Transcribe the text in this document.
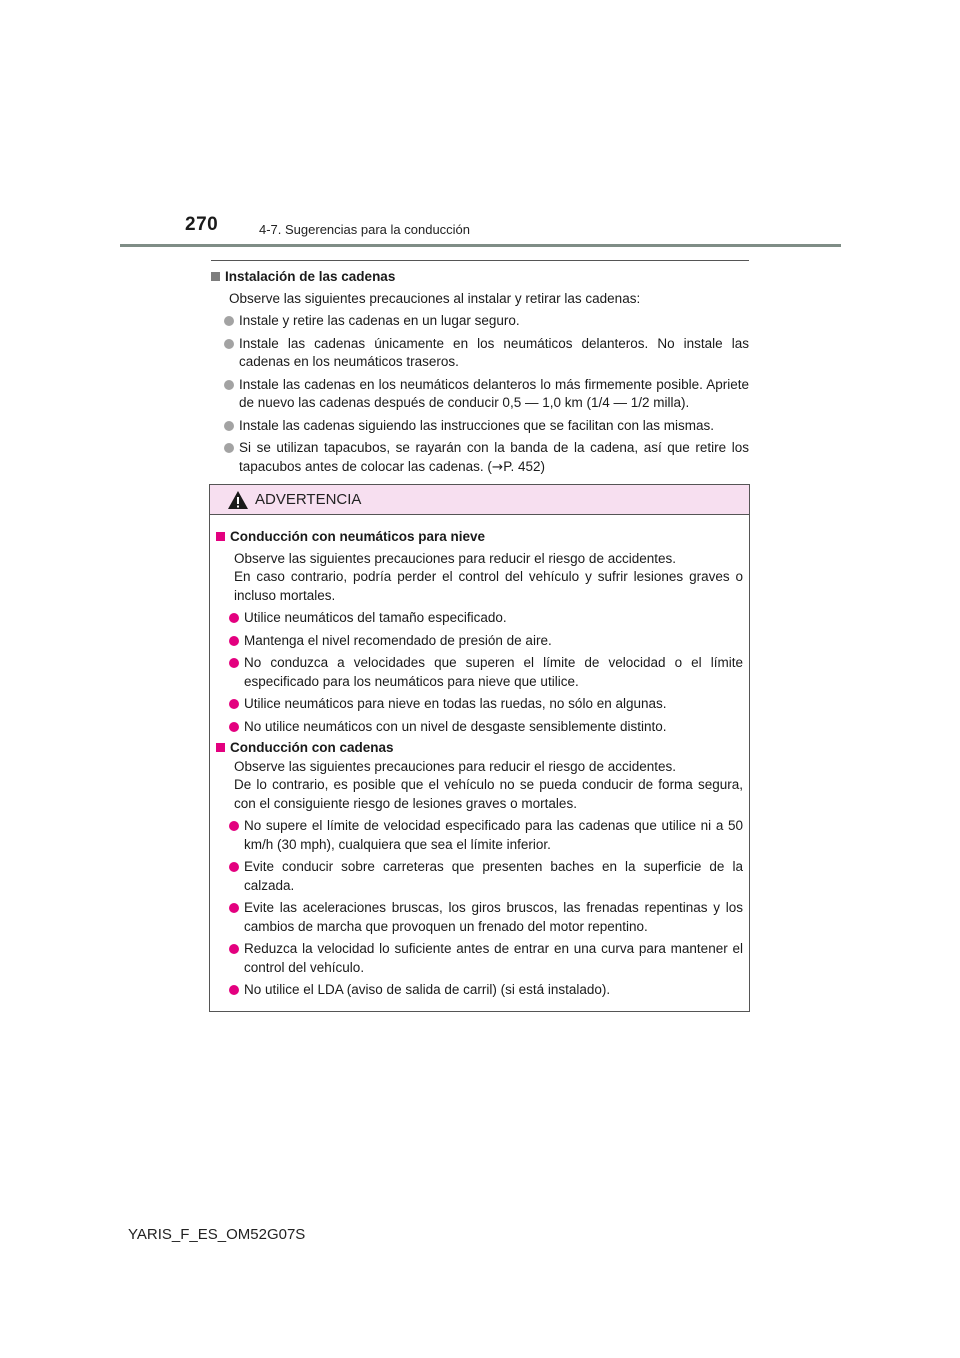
270	4-7. Sugerencias para la conducción
Instalación de las cadenas
Observe las siguientes precauciones al instalar y retirar las cadenas:
Instale y retire las cadenas en un lugar seguro.
Instale las cadenas únicamente en los neumáticos delanteros. No instale las cadenas en los neumáticos traseros.
Instale las cadenas en los neumáticos delanteros lo más firmemente posible. Apriete de nuevo las cadenas después de conducir 0,5 — 1,0 km (1/4 — 1/2 milla).
Instale las cadenas siguiendo las instrucciones que se facilitan con las mismas.
Si se utilizan tapacubos, se rayarán con la banda de la cadena, así que retire los tapacubos antes de colocar las cadenas. (→P. 452)
ADVERTENCIA
Conducción con neumáticos para nieve
Observe las siguientes precauciones para reducir el riesgo de accidentes.
En caso contrario, podría perder el control del vehículo y sufrir lesiones graves o incluso mortales.
Utilice neumáticos del tamaño especificado.
Mantenga el nivel recomendado de presión de aire.
No conduzca a velocidades que superen el límite de velocidad o el límite especificado para los neumáticos para nieve que utilice.
Utilice neumáticos para nieve en todas las ruedas, no sólo en algunas.
No utilice neumáticos con un nivel de desgaste sensiblemente distinto.
Conducción con cadenas
Observe las siguientes precauciones para reducir el riesgo de accidentes.
De lo contrario, es posible que el vehículo no se pueda conducir de forma segura, con el consiguiente riesgo de lesiones graves o mortales.
No supere el límite de velocidad especificado para las cadenas que utilice ni a 50 km/h (30 mph), cualquiera que sea el límite inferior.
Evite conducir sobre carreteras que presenten baches en la superficie de la calzada.
Evite las aceleraciones bruscas, los giros bruscos, las frenadas repentinas y los cambios de marcha que provoquen un frenado del motor repentino.
Reduzca la velocidad lo suficiente antes de entrar en una curva para mantener el control del vehículo.
No utilice el LDA (aviso de salida de carril) (si está instalado).
YARIS_F_ES_OM52G07S
